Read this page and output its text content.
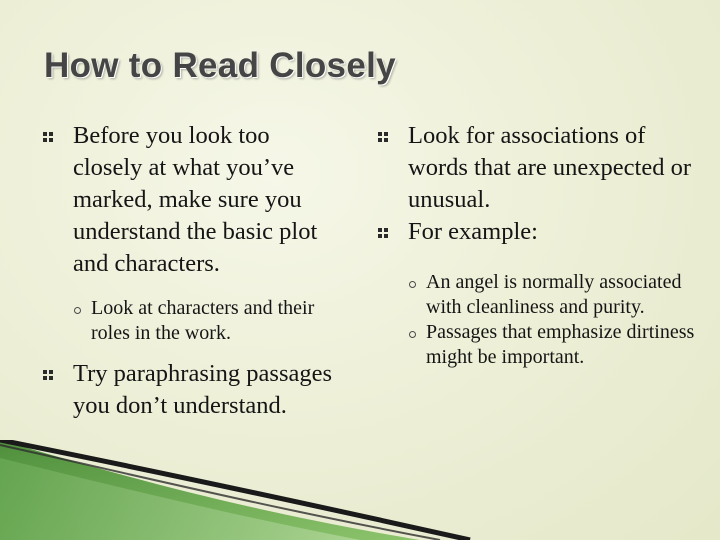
How to Read Closely
Before you look too closely at what you’ve marked, make sure you understand the basic plot and characters.
Look at characters and their roles in the work.
Try paraphrasing passages you don’t understand.
Look for associations of words that are unexpected or unusual.
For example:
An angel is normally associated with cleanliness and purity.
Passages that emphasize dirtiness might be important.
